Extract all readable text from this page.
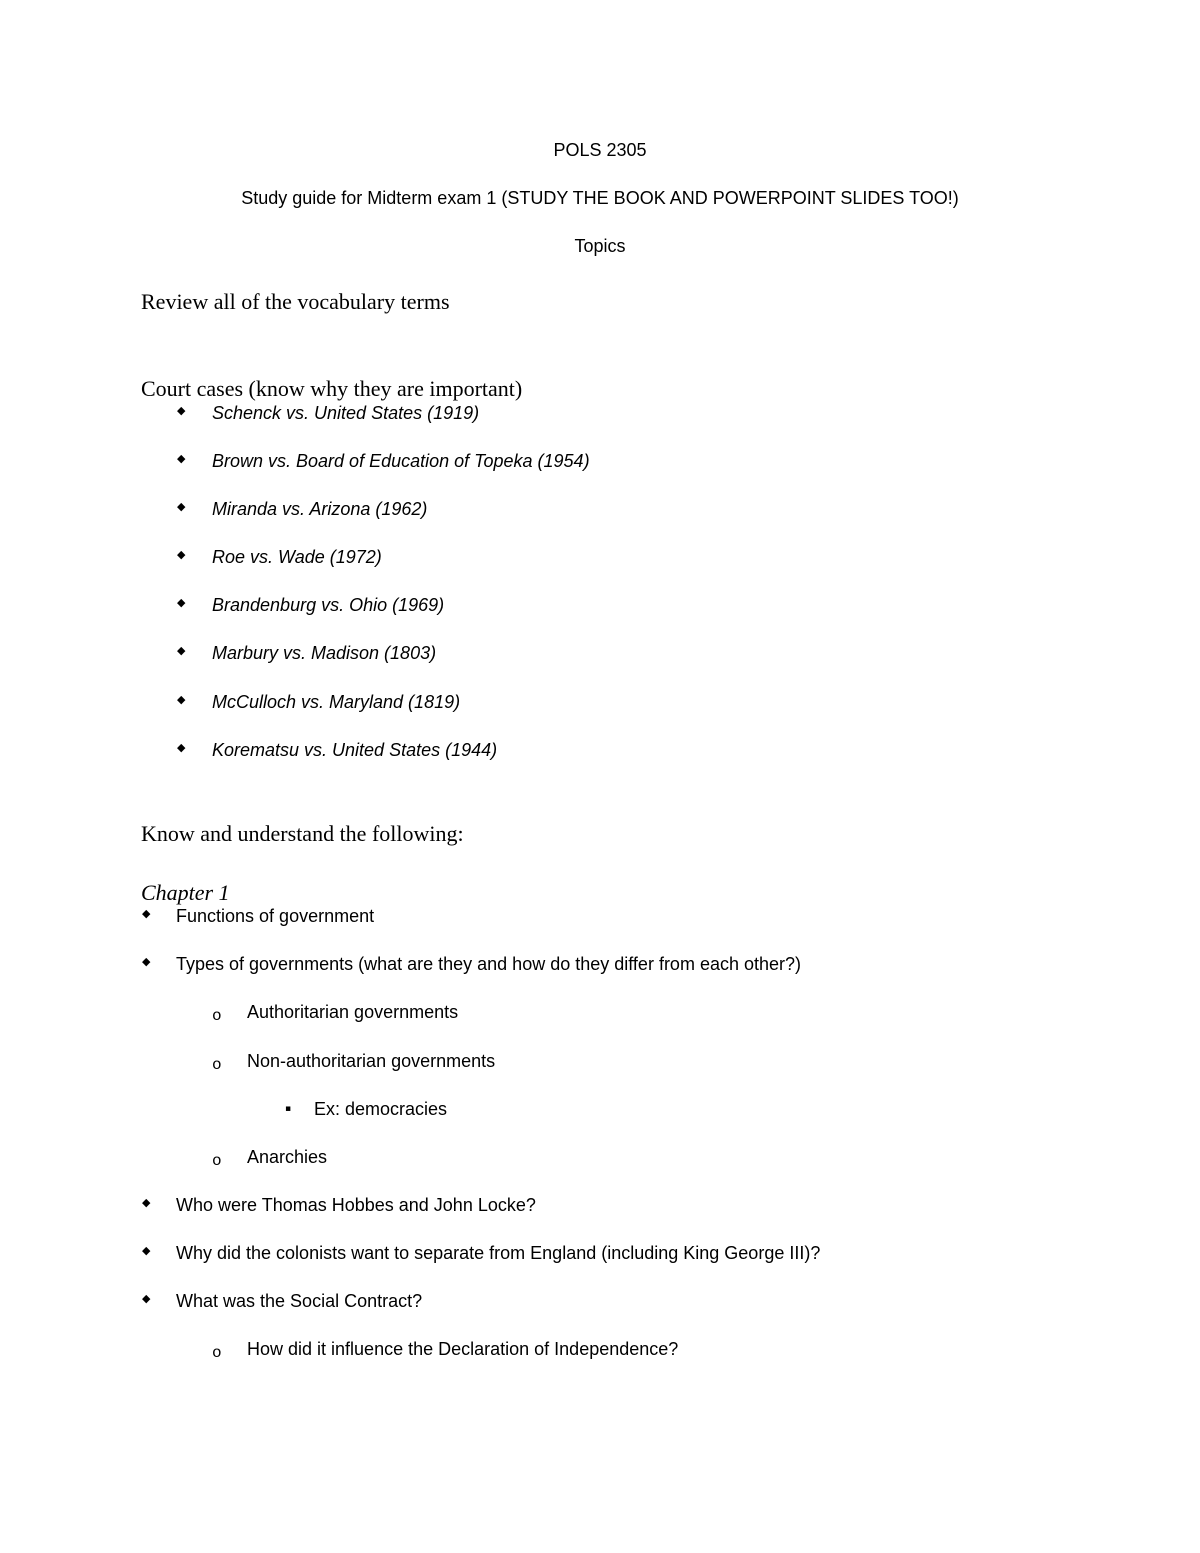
POLS 2305
Study guide for Midterm exam 1 (STUDY THE BOOK AND POWERPOINT SLIDES TOO!)
Topics
Review all of the vocabulary terms
Court cases (know why they are important)
◆ Schenck vs. United States (1919)
◆ Brown vs. Board of Education of Topeka (1954)
◆ Miranda vs. Arizona (1962)
◆ Roe vs. Wade (1972)
◆ Brandenburg vs. Ohio (1969)
◆ Marbury vs. Madison (1803)
◆ McCulloch vs. Maryland (1819)
◆ Korematsu vs. United States (1944)
Know and understand the following:
Chapter 1
◆ Functions of government
◆ Types of governments (what are they and how do they differ from each other?)
o Authoritarian governments
o Non-authoritarian governments
▪ Ex: democracies
o Anarchies
◆ Who were Thomas Hobbes and John Locke?
◆ Why did the colonists want to separate from England (including King George III)?
◆ What was the Social Contract?
o How did it influence the Declaration of Independence?
